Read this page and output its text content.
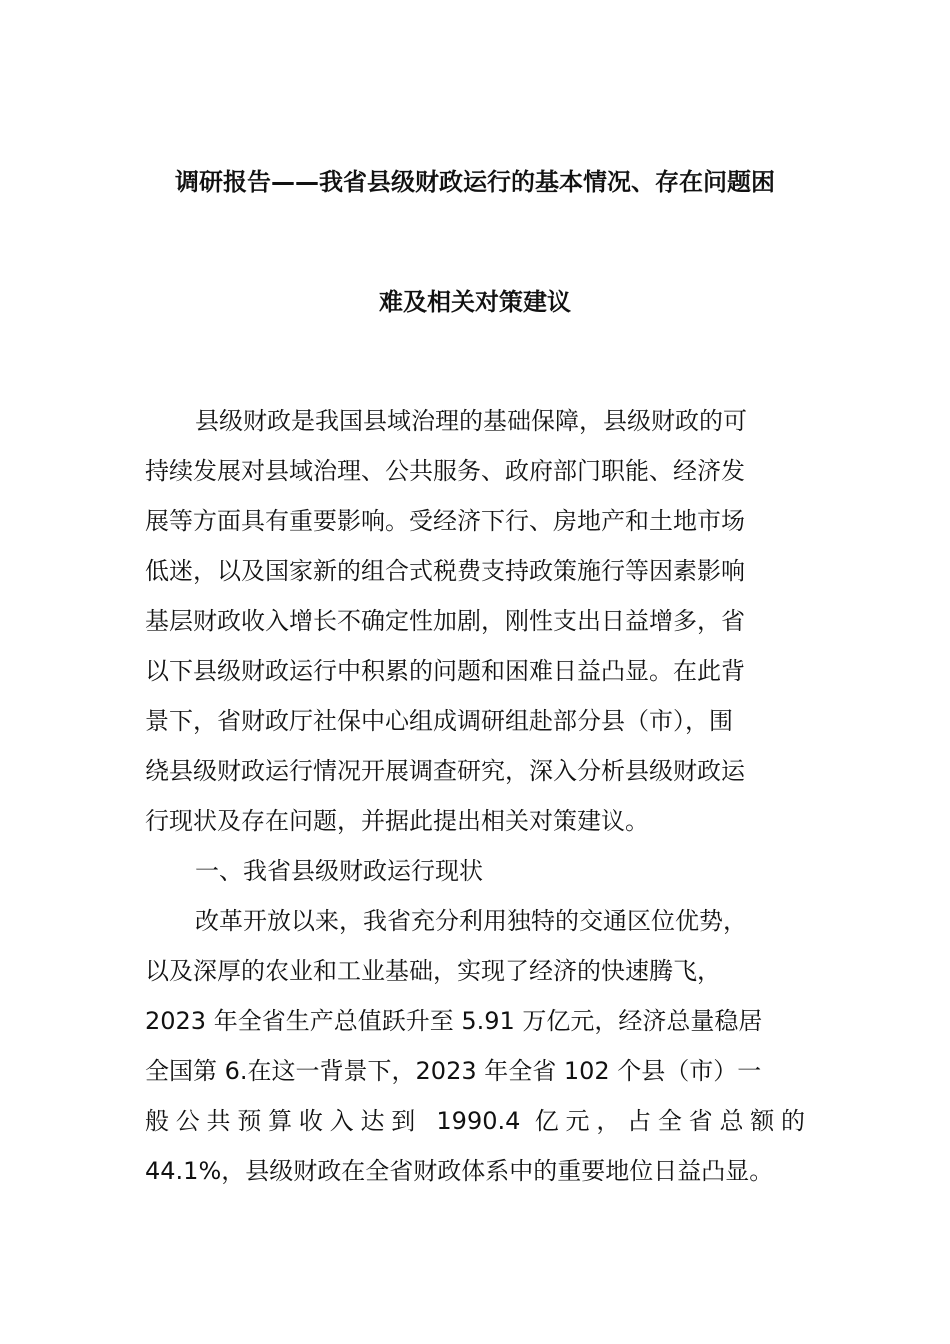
调研报告——我省县级财政运行的基本情况、存在问题困
难及相关对策建议
县级财政是我国县域治理的基础保障，县级财政的可
持续发展对县域治理、公共服务、政府部门职能、经济发
展等方面具有重要影响。受经济下行、房地产和土地市场
低迷，以及国家新的组合式税费支持政策施行等因素影响
基层财政收入增长不确定性加剧，刚性支出日益增多，省
以下县级财政运行中积累的问题和困难日益凸显。在此背
景下，省财政厅社保中心组成调研组赴部分县（市），围
绕县级财政运行情况开展调查研究，深入分析县级财政运
行现状及存在问题，并据此提出相关对策建议。
一、我省县级财政运行现状
改革开放以来，我省充分利用独特的交通区位优势，
以及深厚的农业和工业基础，实现了经济的快速腾飞，
2023 年全省生产总值跃升至 5.91 万亿元，经济总量稳居
全国第 6.在这一背景下，2023 年全省 102 个县（市）一
般公共预算收入达到 1990.4 亿元，占全省总额的
44.1%，县级财政在全省财政体系中的重要地位日益凸显。
